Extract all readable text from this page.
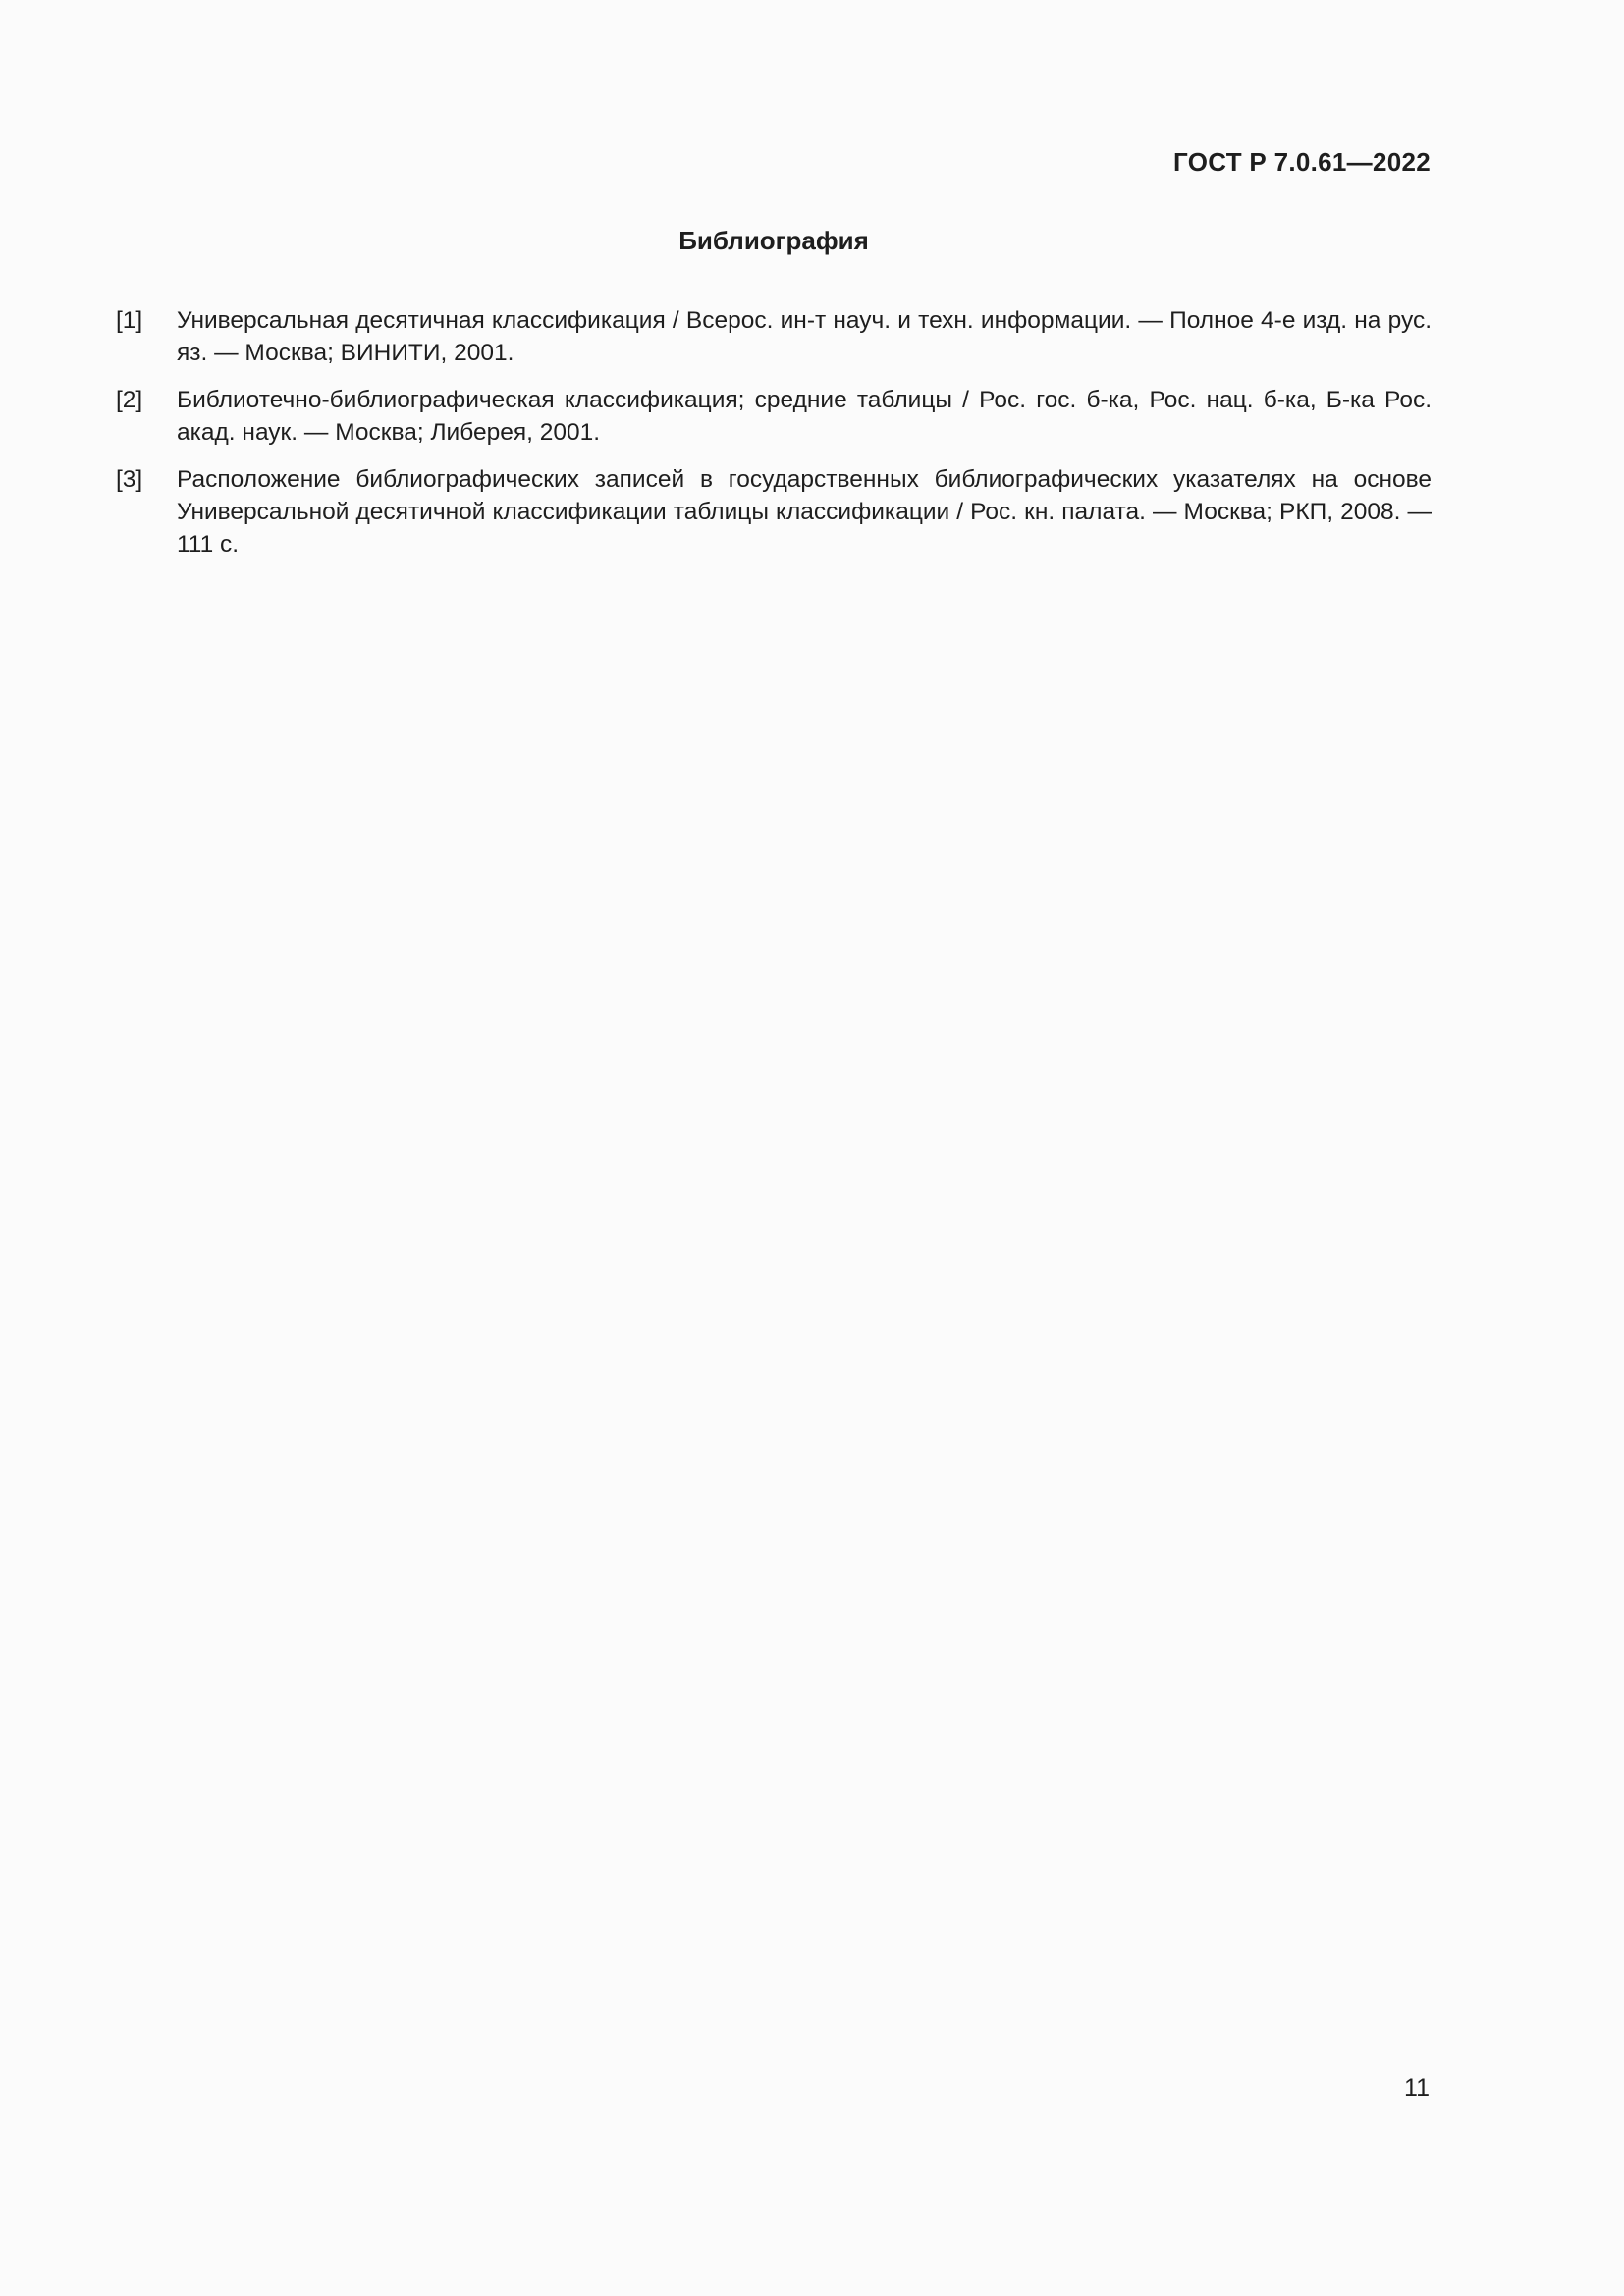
ГОСТ Р 7.0.61—2022
Библиография
[1]	Универсальная десятичная классификация / Всерос. ин-т науч. и техн. информации. — Полное 4-е изд. на рус. яз. — Москва; ВИНИТИ, 2001.
[2]	Библиотечно-библиографическая классификация; средние таблицы / Рос. гос. б-ка, Рос. нац. б-ка, Б-ка Рос. акад. наук. — Москва; Либерея, 2001.
[3]	Расположение библиографических записей в государственных библиографических указателях на основе Универсальной десятичной классификации таблицы классификации / Рос. кн. палата. — Москва; РКП, 2008. — 111 с.
11
